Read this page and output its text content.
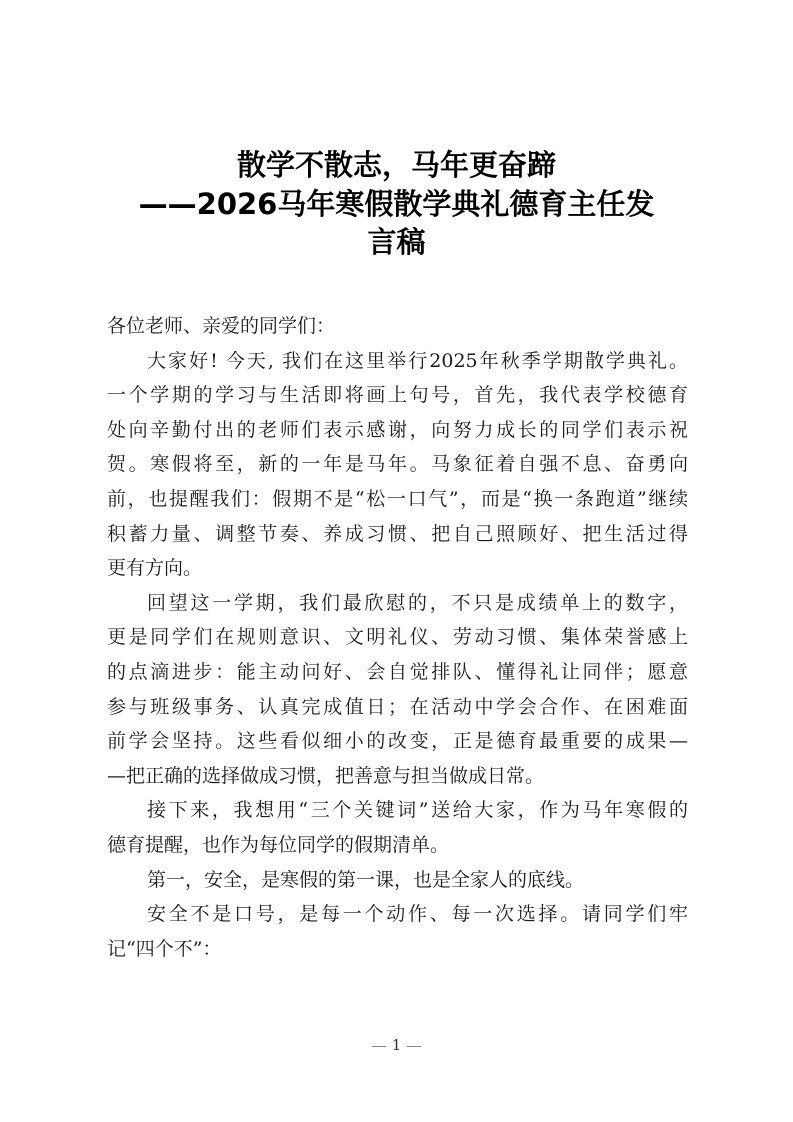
散学不散志，马年更奋蹄
——2026马年寒假散学典礼德育主任发
言稿
各位老师、亲爱的同学们：
大家好! 今天, 我们在这里举行2025年秋季学期散学典礼。
一个学期的学习与生活即将画上句号，首先，我代表学校德育
处向辛勤付出的老师们表示感谢，向努力成长的同学们表示祝
贺。寒假将至，新的一年是马年。马象征着自强不息、奋勇向
前，也提醒我们：假期不是“松一口气”，而是“换一条跑道”继续
积蓄力量、调整节奏、养成习惯、把自己照顾好、把生活过得
更有方向。
回望这一学期，我们最欣慰的，不只是成绩单上的数字，
更是同学们在规则意识、文明礼仪、劳动习惯、集体荣誉感上
的点滴进步：能主动问好、会自觉排队、懂得礼让同伴；愿意
参与班级事务、认真完成值日；在活动中学会合作、在困难面
前学会坚持。这些看似细小的改变，正是德育最重要的成果—
—把正确的选择做成习惯，把善意与担当做成日常。
接下来，我想用“三个关键词”送给大家，作为马年寒假的
德育提醒，也作为每位同学的假期清单。
第一，安全，是寒假的第一课，也是全家人的底线。
安全不是口号，是每一个动作、每一次选择。请同学们牢
记“四个不”：
1
